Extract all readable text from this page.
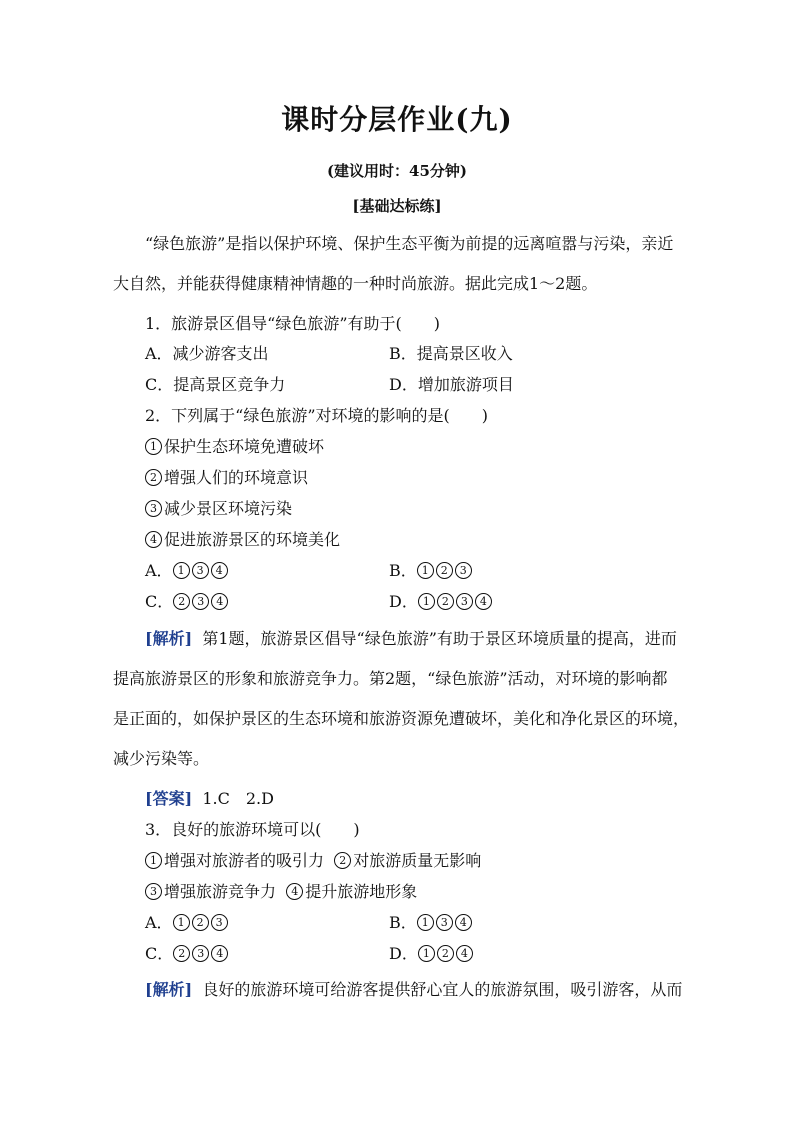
课时分层作业(九)
(建议用时：45分钟)
[基础达标练]
“绿色旅游”是指以保护环境、保护生态平衡为前提的远离喧嚣与污染，亲近
大自然，并能获得健康精神情趣的一种时尚旅游。据此完成1～2题。
1．旅游景区倡导“绿色旅游”有助于(　　)
A．减少游客支出	B．提高景区收入
C．提高景区竞争力	D．增加旅游项目
2．下列属于“绿色旅游”对环境的影响的是(　　)
1 保护生态环境免遭破坏
2 增强人们的环境意识
3 减少景区环境污染
4 促进旅游景区的环境美化
A． 1 3 4	B． 1 2 3
C． 2 3 4	D． 1 2 3 4
[解析] 第1题，旅游景区倡导“绿色旅游”有助于景区环境质量的提高，进而
提高旅游景区的形象和旅游竞争力。第2题，“绿色旅游”活动，对环境的影响都
是正面的，如保护景区的生态环境和旅游资源免遭破坏，美化和净化景区的环境，
减少污染等。
[答案] 1.C　2.D
3．良好的旅游环境可以(　　)
1 增强对旅游者的吸引力 2 对旅游质量无影响
3 增强旅游竞争力 4 提升旅游地形象
A． 1 2 3	B． 1 3 4
C． 2 3 4	D． 1 2 4
[解析] 良好的旅游环境可给游客提供舒心宜人的旅游氛围，吸引游客，从而
